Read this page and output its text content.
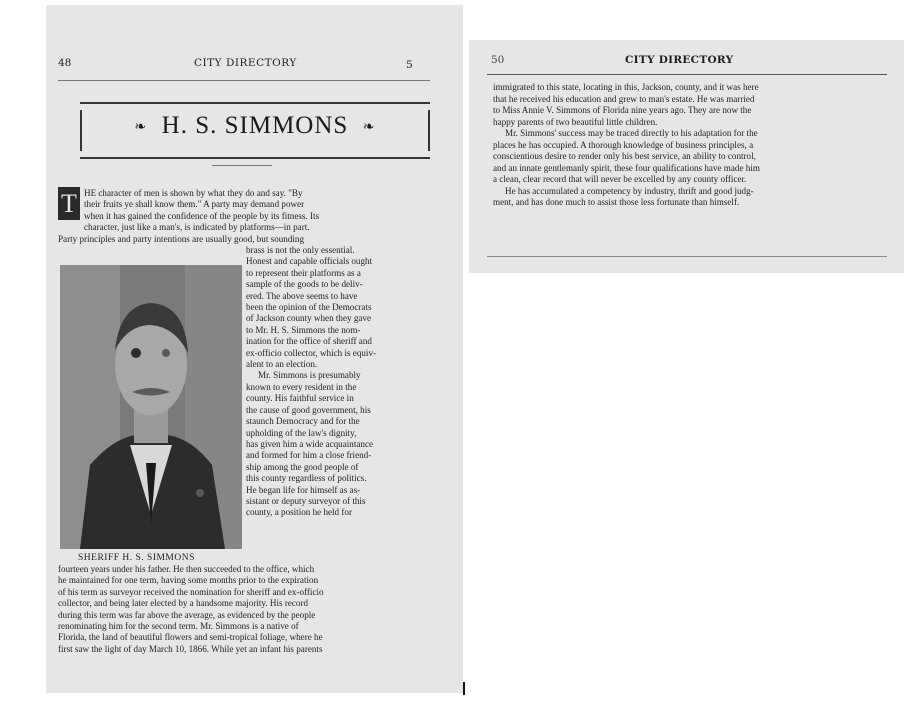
48	CITY DIRECTORY	5
❧ H. S. SIMMONS ❧
T HE character of men is shown by what they do and say. "By
their fruits ye shall know them." A party may demand power
when it has gained the confidence of the people by its fitness. Its
character, just like a man's, is indicated by platforms—in part.
Party principles and party intentions are usually good, but sounding
brass is not the only essential.
Honest and capable officials ought
to represent their platforms as a
sample of the goods to be deliv-
ered. The above seems to have
been the opinion of the Democrats
of Jackson county when they gave
to Mr. H. S. Simmons the nom-
ination for the office of sheriff and
ex-officio collector, which is equiv-
alent to an election.
Mr. Simmons is presumably
known to every resident in the
county. His faithful service in
the cause of good government, his
staunch Democracy and for the
upholding of the law's dignity,
has given him a wide acquaintance
and formed for him a close friend-
ship among the good people of
this county regardless of politics.
He began life for himself as as-
sistant or deputy surveyor of this
county, a position he held for
SHERIFF H. S. SIMMONS
fourteen years under his father. He then succeeded to the office, which
he maintained for one term, having some months prior to the expiration
of his term as surveyor received the nomination for sheriff and ex-officio
collector, and being later elected by a handsome majority. His record
during this term was far above the average, as evidenced by the people
renominating him for the second term. Mr. Simmons is a native of
Florida, the land of beautiful flowers and semi-tropical foliage, where he
first saw the light of day March 10, 1866. While yet an infant his parents
50	CITY DIRECTORY
immigrated to this state, locating in this, Jackson, county, and it was here
that he received his education and grew to man's estate. He was married
to Miss Annie V. Simmons of Florida nine years ago. They are now the
happy parents of two beautiful little children.
Mr. Simmons' success may be traced directly to his adaptation for the
places he has occupied. A thorough knowledge of business principles, a
conscientious desire to render only his best service, an ability to control,
and an innate gentlemanly spirit, these four qualifications have made him
a clean, clear record that will never be excelled by any county officer.
He has accumulated a competency by industry, thrift and good judg-
ment, and has done much to assist those less fortunate than himself.
